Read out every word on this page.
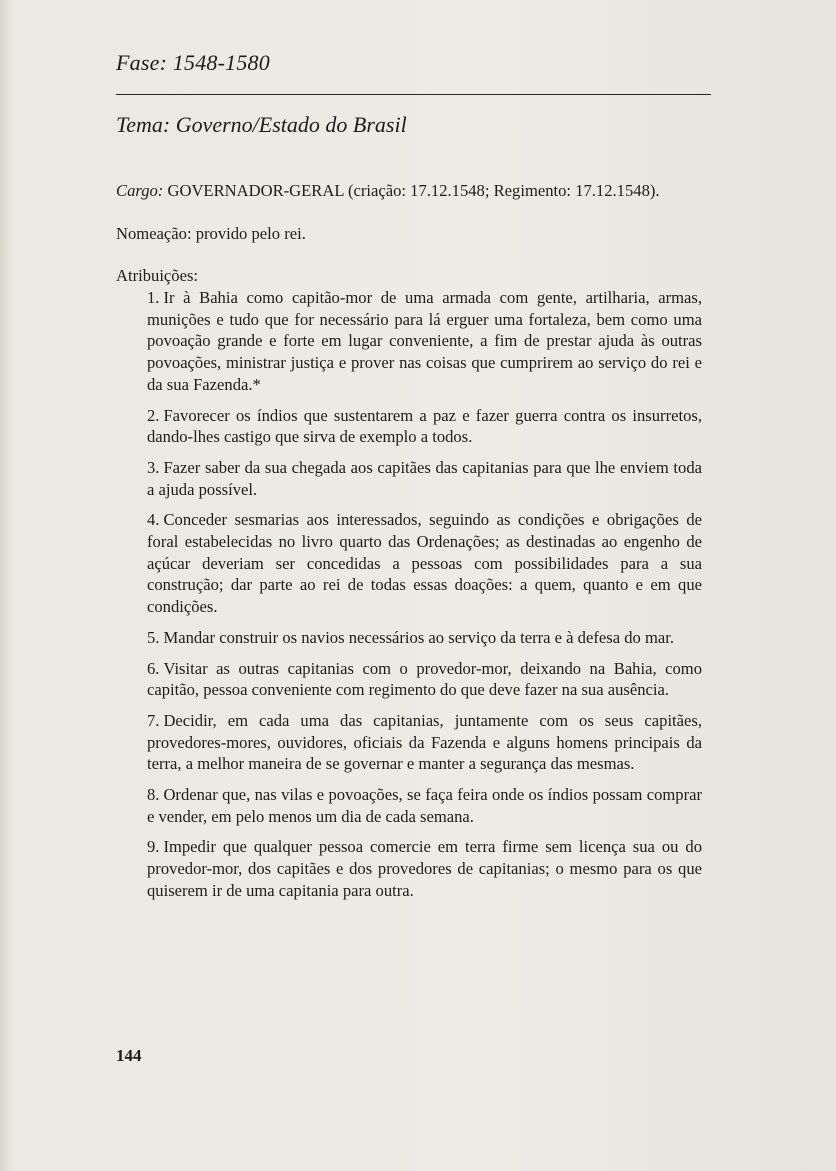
Fase: 1548-1580
Tema: Governo/Estado do Brasil
Cargo: GOVERNADOR-GERAL (criação: 17.12.1548; Regimento: 17.12.1548).
Nomeação: provido pelo rei.
Atribuições:
1. Ir à Bahia como capitão-mor de uma armada com gente, artilharia, armas, munições e tudo que for necessário para lá erguer uma fortaleza, bem como uma povoação grande e forte em lugar conveniente, a fim de prestar ajuda às outras povoações, ministrar justiça e prover nas coisas que cumprirem ao serviço do rei e da sua Fazenda.*
2. Favorecer os índios que sustentarem a paz e fazer guerra contra os insurretos, dando-lhes castigo que sirva de exemplo a todos.
3. Fazer saber da sua chegada aos capitães das capitanias para que lhe enviem toda a ajuda possível.
4. Conceder sesmarias aos interessados, seguindo as condições e obrigações de foral estabelecidas no livro quarto das Ordenações; as destinadas ao engenho de açúcar deveriam ser concedidas a pessoas com possibilidades para a sua construção; dar parte ao rei de todas essas doações: a quem, quanto e em que condições.
5. Mandar construir os navios necessários ao serviço da terra e à defesa do mar.
6. Visitar as outras capitanias com o provedor-mor, deixando na Bahia, como capitão, pessoa conveniente com regimento do que deve fazer na sua ausência.
7. Decidir, em cada uma das capitanias, juntamente com os seus capitães, provedores-mores, ouvidores, oficiais da Fazenda e alguns homens principais da terra, a melhor maneira de se governar e manter a segurança das mesmas.
8. Ordenar que, nas vilas e povoações, se faça feira onde os índios possam comprar e vender, em pelo menos um dia de cada semana.
9. Impedir que qualquer pessoa comercie em terra firme sem licença sua ou do provedor-mor, dos capitães e dos provedores de capitanias; o mesmo para os que quiserem ir de uma capitania para outra.
144
